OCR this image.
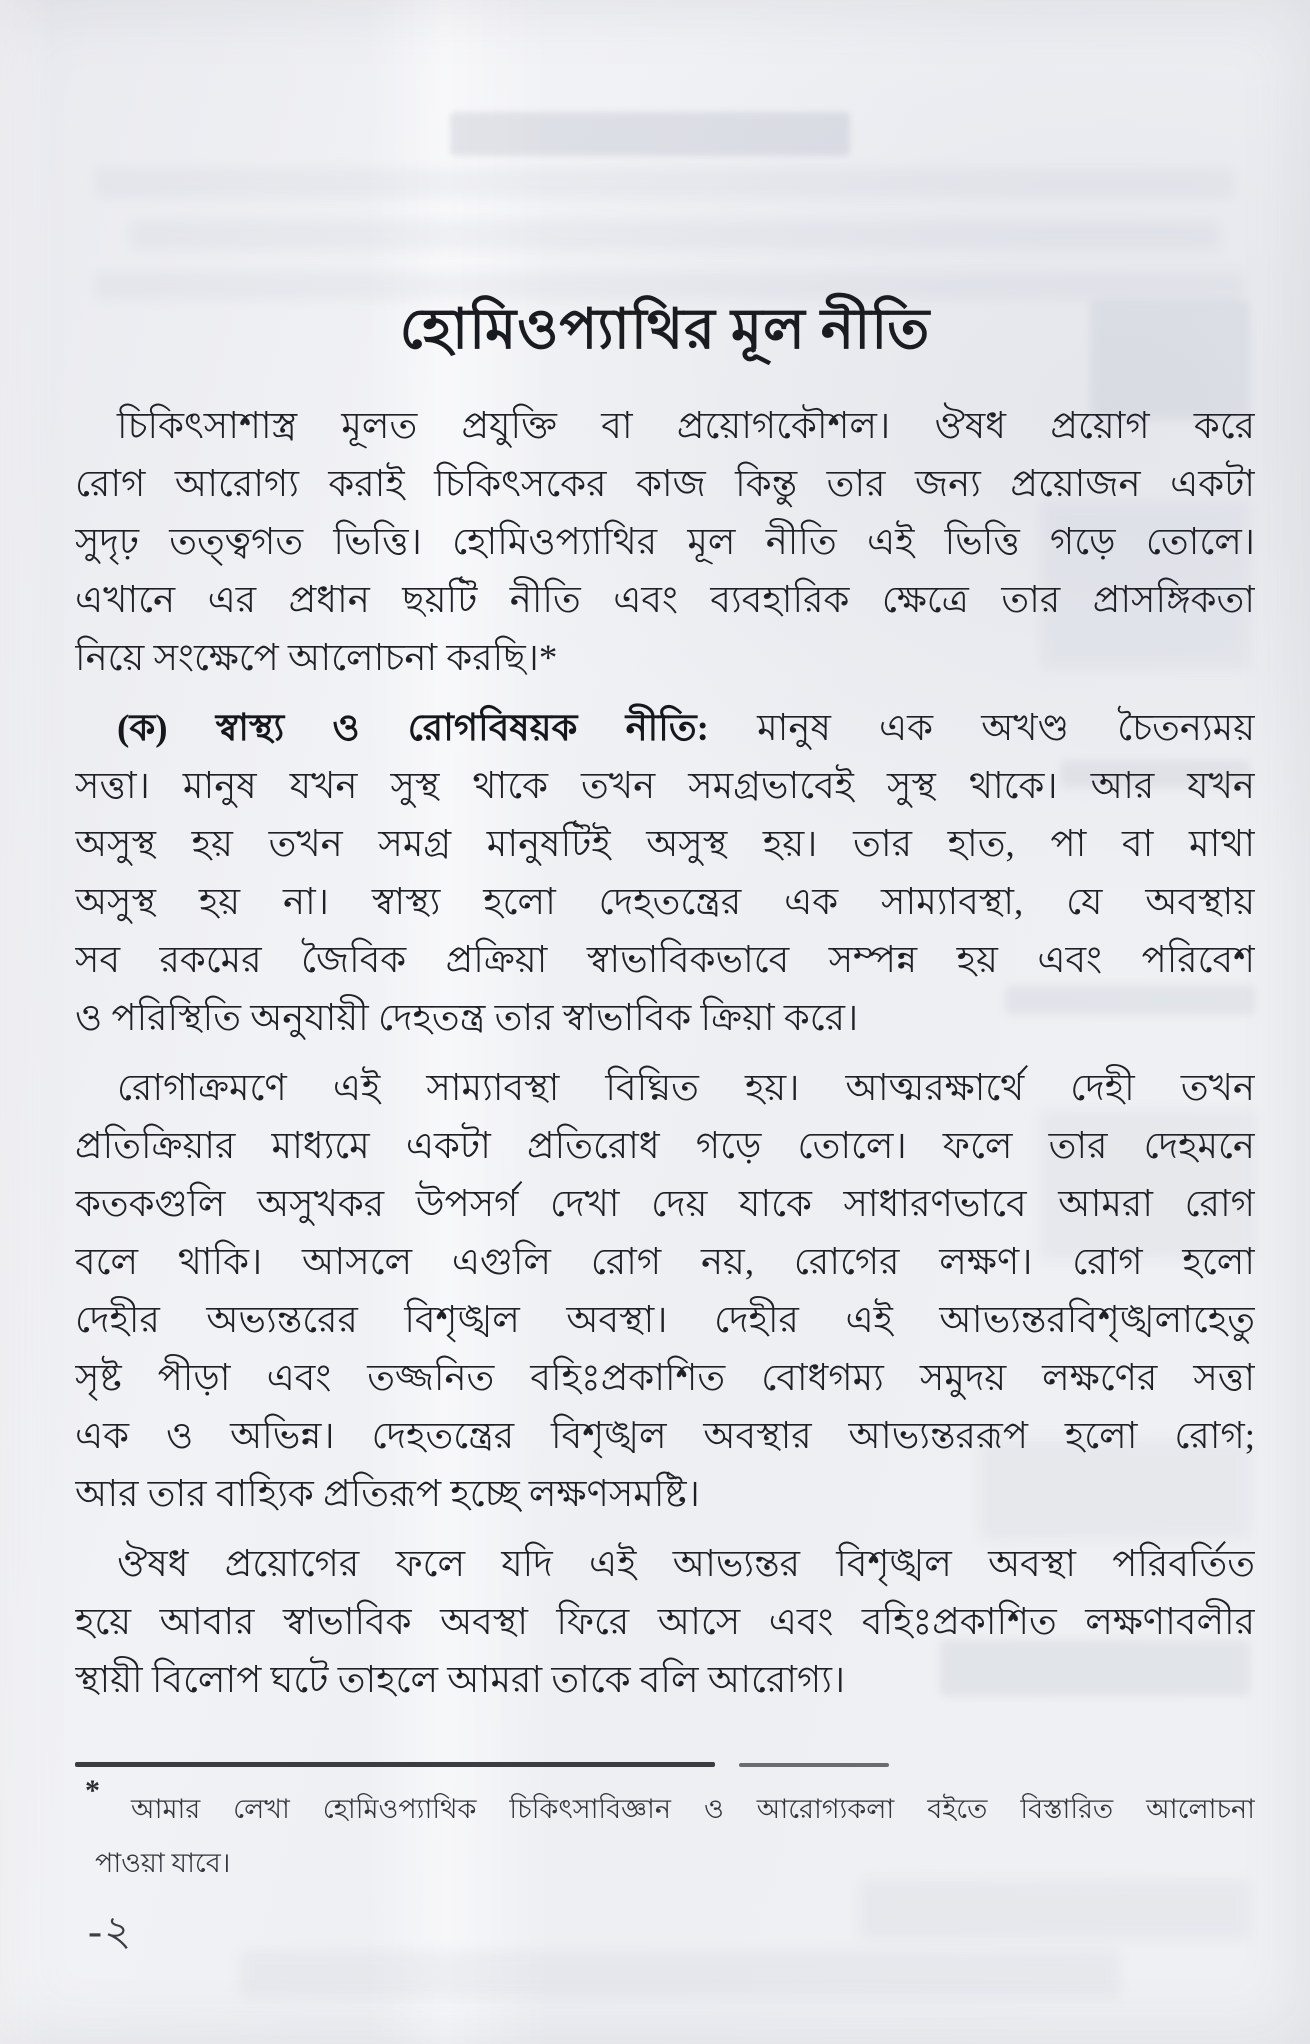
হোমিওপ্যাথির মূল নীতি
চিকিৎসাশাস্ত্র মূলত প্রযুক্তি বা প্রয়োগকৌশল। ঔষধ প্রয়োগ করে
রোগ আরোগ্য করাই চিকিৎসকের কাজ কিন্তু তার জন্য প্রয়োজন একটা
সুদৃঢ় তত্ত্বগত ভিত্তি। হোমিওপ্যাথির মূল নীতি এই ভিত্তি গড়ে তোলে।
এখানে এর প্রধান ছয়টি নীতি এবং ব্যবহারিক ক্ষেত্রে তার প্রাসঙ্গিকতা
নিয়ে সংক্ষেপে আলোচনা করছি।*
(ক) স্বাস্থ্য ও রোগবিষয়ক নীতি: মানুষ এক অখণ্ড চৈতন্যময়
সত্তা। মানুষ যখন সুস্থ থাকে তখন সমগ্রভাবেই সুস্থ থাকে। আর যখন
অসুস্থ হয় তখন সমগ্র মানুষটিই অসুস্থ হয়। তার হাত, পা বা মাথা
অসুস্থ হয় না। স্বাস্থ্য হলো দেহতন্ত্রের এক সাম্যাবস্থা, যে অবস্থায়
সব রকমের জৈবিক প্রক্রিয়া স্বাভাবিকভাবে সম্পন্ন হয় এবং পরিবেশ
ও পরিস্থিতি অনুযায়ী দেহতন্ত্র তার স্বাভাবিক ক্রিয়া করে।
রোগাক্রমণে এই সাম্যাবস্থা বিঘ্নিত হয়। আত্মরক্ষার্থে দেহী তখন
প্রতিক্রিয়ার মাধ্যমে একটা প্রতিরোধ গড়ে তোলে। ফলে তার দেহমনে
কতকগুলি অসুখকর উপসর্গ দেখা দেয় যাকে সাধারণভাবে আমরা রোগ
বলে থাকি। আসলে এগুলি রোগ নয়, রোগের লক্ষণ। রোগ হলো
দেহীর অভ্যন্তরের বিশৃঙ্খল অবস্থা। দেহীর এই আভ্যন্তরবিশৃঙ্খলাহেতু
সৃষ্ট পীড়া এবং তজ্জনিত বহিঃপ্রকাশিত বোধগম্য সমুদয় লক্ষণের সত্তা
এক ও অভিন্ন। দেহতন্ত্রের বিশৃঙ্খল অবস্থার আভ্যন্তররূপ হলো রোগ;
আর তার বাহ্যিক প্রতিরূপ হচ্ছে লক্ষণসমষ্টি।
ঔষধ প্রয়োগের ফলে যদি এই আভ্যন্তর বিশৃঙ্খল অবস্থা পরিবর্তিত
হয়ে আবার স্বাভাবিক অবস্থা ফিরে আসে এবং বহিঃপ্রকাশিত লক্ষণাবলীর
স্থায়ী বিলোপ ঘটে তাহলে আমরা তাকে বলি আরোগ্য।
*
আমার লেখা হোমিওপ্যাথিক চিকিৎসাবিজ্ঞান ও আরোগ্যকলা বইতে বিস্তারিত আলোচনা
পাওয়া যাবে।
-২
